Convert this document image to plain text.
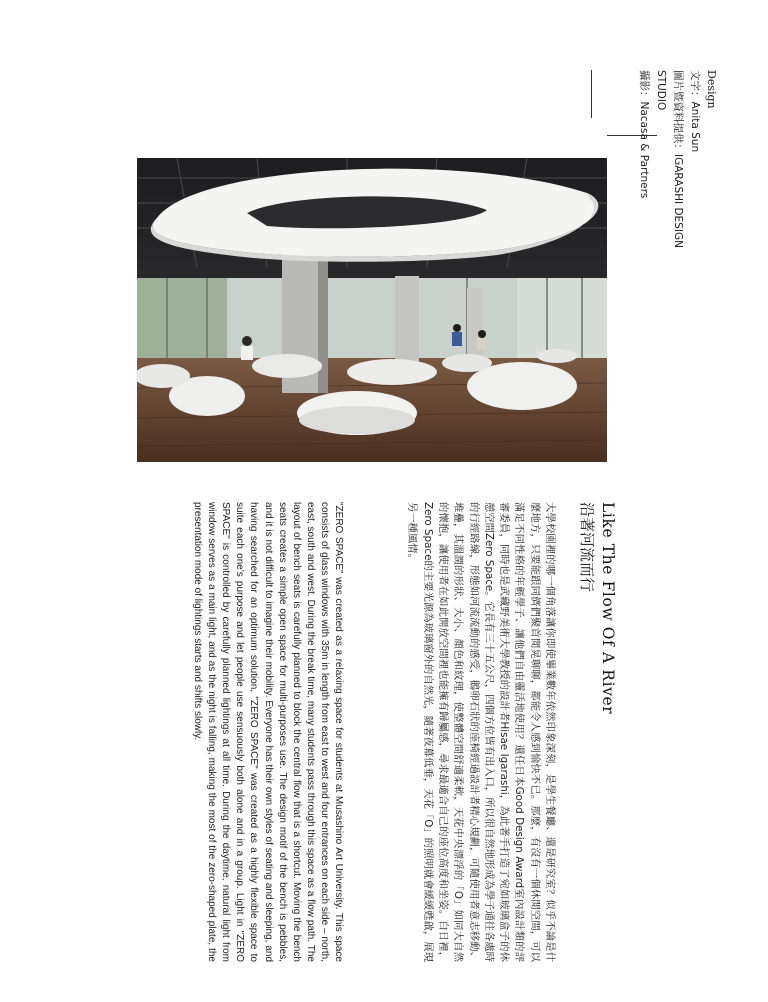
Design
文字：Anita Sun
圖片暨資料提供：IGARASHI DESIGN STUDIO
Like The Flow Of A River
沿著河流而行

大學校園裡的哪一個角落讓你即使畢業數年依然印象深刻，是學生餐廳、還是研究室？似乎不論是什麼地方，只要能跟同儕們聚首閒晃聊聊，都能令人感到愉快不已。那麼，有沒有一個休閒空間，可以滿足不同性格的年輕學子、讓他們自由靈活地使用？還任日本Good Design Award室內設計類的評審委員，同時也是武藏野美術大學教授的設計者Hisae Igarashi，為此著手打造了宛如玻璃盒子的休憩空間Zero Space。它長有三十五公尺，四個方位皆有出入口，所以很自然地形成為學子通往各處時的行經路線，形態如河流流動的感受，鵝卵石狀的座椅經過設計者精心規劃，可隨使用者意志移動、堆疊，其溫潤的形狀、大小、顏色和紋理，使整體空間舒適柔軟，天花中央漂浮的「O」如同大自然的懷抱，讓使用者在如此開放空間裡也能擁有歸屬感，尋求最適合自己的座位高度和坐姿。白日裡，Zero Space的主要光源為玻璃窗外的自然光，隨著夜幕低垂，天花「O」的照明就會緩緩甦啟，展現另一種風情。

"ZERO SPACE" was created as a relaxing space for students at Musashino Art University. This space consists of glass windows with 35m in length from east to west and four entrances on each side – north, east, south and west. During the break time, many students pass through this space as a flow path. The layout of bench seats is carefully planned to block the central flow that is a shortcut. Moving the bench seats creates a simple open space for multi-purposes use. The design motif of the bench is pebbles, and it is not difficult to imagine their mobility. Everyone has their own styles of seating and sleeping, and having searched for an optimum solution, "ZERO SPACE" was created as a highly flexible space to suite each one's purpose and let people use sensuously both alone and in a group. Light in "ZERO SPACE" is controlled by carefully planned lightings at all time. During the daytime, natural light from window serves as a main light, and as the night is falling, making the most of the zero-shaped plate, the presentation mode of lightings starts and shifts slowly.
